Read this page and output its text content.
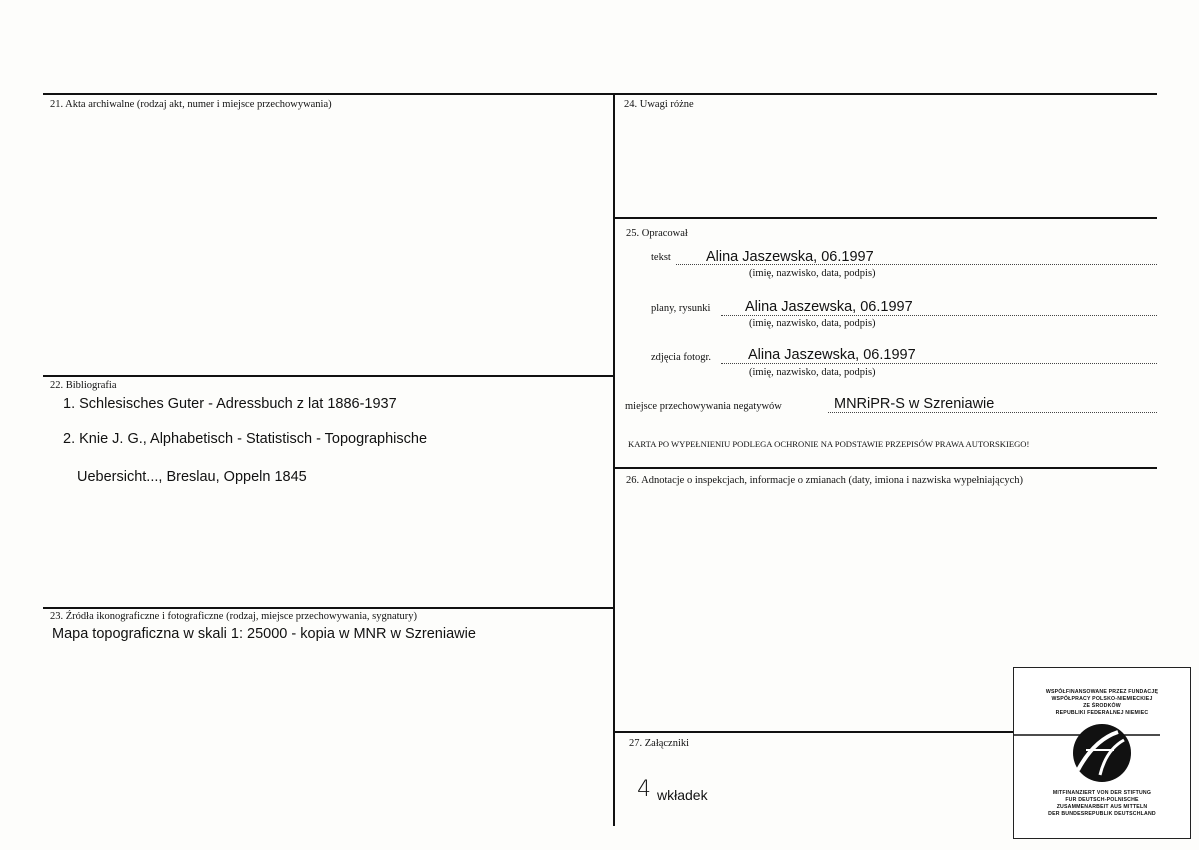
21. Akta archiwalne (rodzaj akt, numer i miejsce przechowywania)
22. Bibliografia
1. Schlesisches Guter - Adressbuch z lat 1886-1937
2. Knie J. G., Alphabetisch - Statistisch - Topographische
Uebersicht..., Breslau, Oppeln 1845
23. Źródła ikonograficzne i fotograficzne (rodzaj, miejsce przechowywania, sygnatury)
Mapa topograficzna w skali 1: 25000 - kopia w MNR w Szreniawie
24. Uwagi różne
25. Opracował
tekst Alina Jaszewska, 06.1997
(imię, nazwisko, data, podpis)
plany, rysunki Alina Jaszewska, 06.1997
(imię, nazwisko, data, podpis)
zdjęcia fotogr.	Alina Jaszewska, 06.1997
(imię, nazwisko, data, podpis)
miejsce przechowywania negatywów	MNRiPR-S w Szreniawie
KARTA PO WYPEŁNIENIU PODLEGA OCHRONIE NA PODSTAWIE PRZEPISÓW PRAWA AUTORSKIEGO!
26. Adnotacje o inspekcjach, informacje o zmianach (daty, imiona i nazwiska wypełniających)
27. Załączniki
4 wkładek
WSPÓŁFINANSOWANE PRZEZ FUNDACJĘ
WSPÓŁPRACY POLSKO-NIEMIECKIEJ
ZE ŚRODKÓW
REPUBLIKI FEDERALNEJ NIEMIEC
MITFINANZIERT VON DER STIFTUNG
FUR DEUTSCH-POLNISCHE
ZUSAMMENARBEIT AUS MITTELN
DER BUNDESREPUBLIK DEUTSCHLAND
